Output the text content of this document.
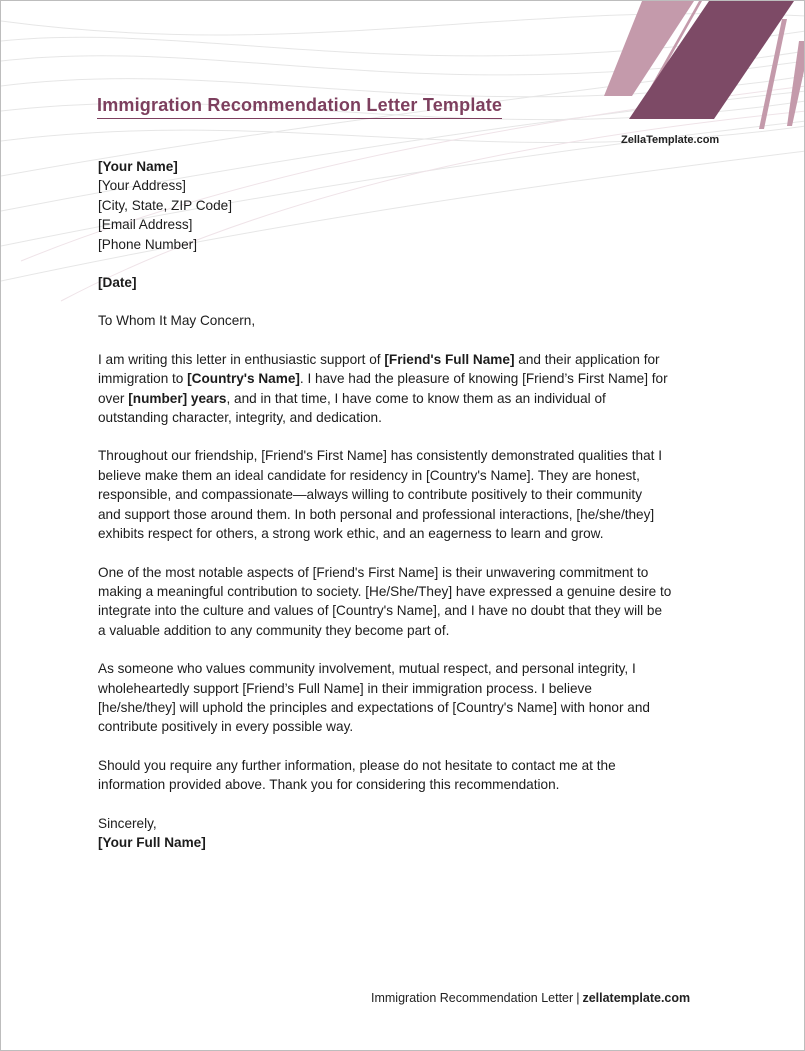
Immigration Recommendation Letter Template
ZellaTemplate.com
[Your Name]
[Your Address]
[City, State, ZIP Code]
[Email Address]
[Phone Number]
[Date]
To Whom It May Concern,
I am writing this letter in enthusiastic support of [Friend's Full Name] and their application for
immigration to [Country's Name]. I have had the pleasure of knowing [Friend’s First Name] for
over [number] years, and in that time, I have come to know them as an individual of
outstanding character, integrity, and dedication.
Throughout our friendship, [Friend's First Name] has consistently demonstrated qualities that I
believe make them an ideal candidate for residency in [Country's Name]. They are honest,
responsible, and compassionate—always willing to contribute positively to their community
and support those around them. In both personal and professional interactions, [he/she/they]
exhibits respect for others, a strong work ethic, and an eagerness to learn and grow.
One of the most notable aspects of [Friend's First Name] is their unwavering commitment to
making a meaningful contribution to society. [He/She/They] have expressed a genuine desire to
integrate into the culture and values of [Country's Name], and I have no doubt that they will be
a valuable addition to any community they become part of.
As someone who values community involvement, mutual respect, and personal integrity, I
wholeheartedly support [Friend’s Full Name] in their immigration process. I believe
[he/she/they] will uphold the principles and expectations of [Country's Name] with honor and
contribute positively in every possible way.
Should you require any further information, please do not hesitate to contact me at the
information provided above. Thank you for considering this recommendation.
Sincerely,
[Your Full Name]
Immigration Recommendation Letter | zellatemplate.com
